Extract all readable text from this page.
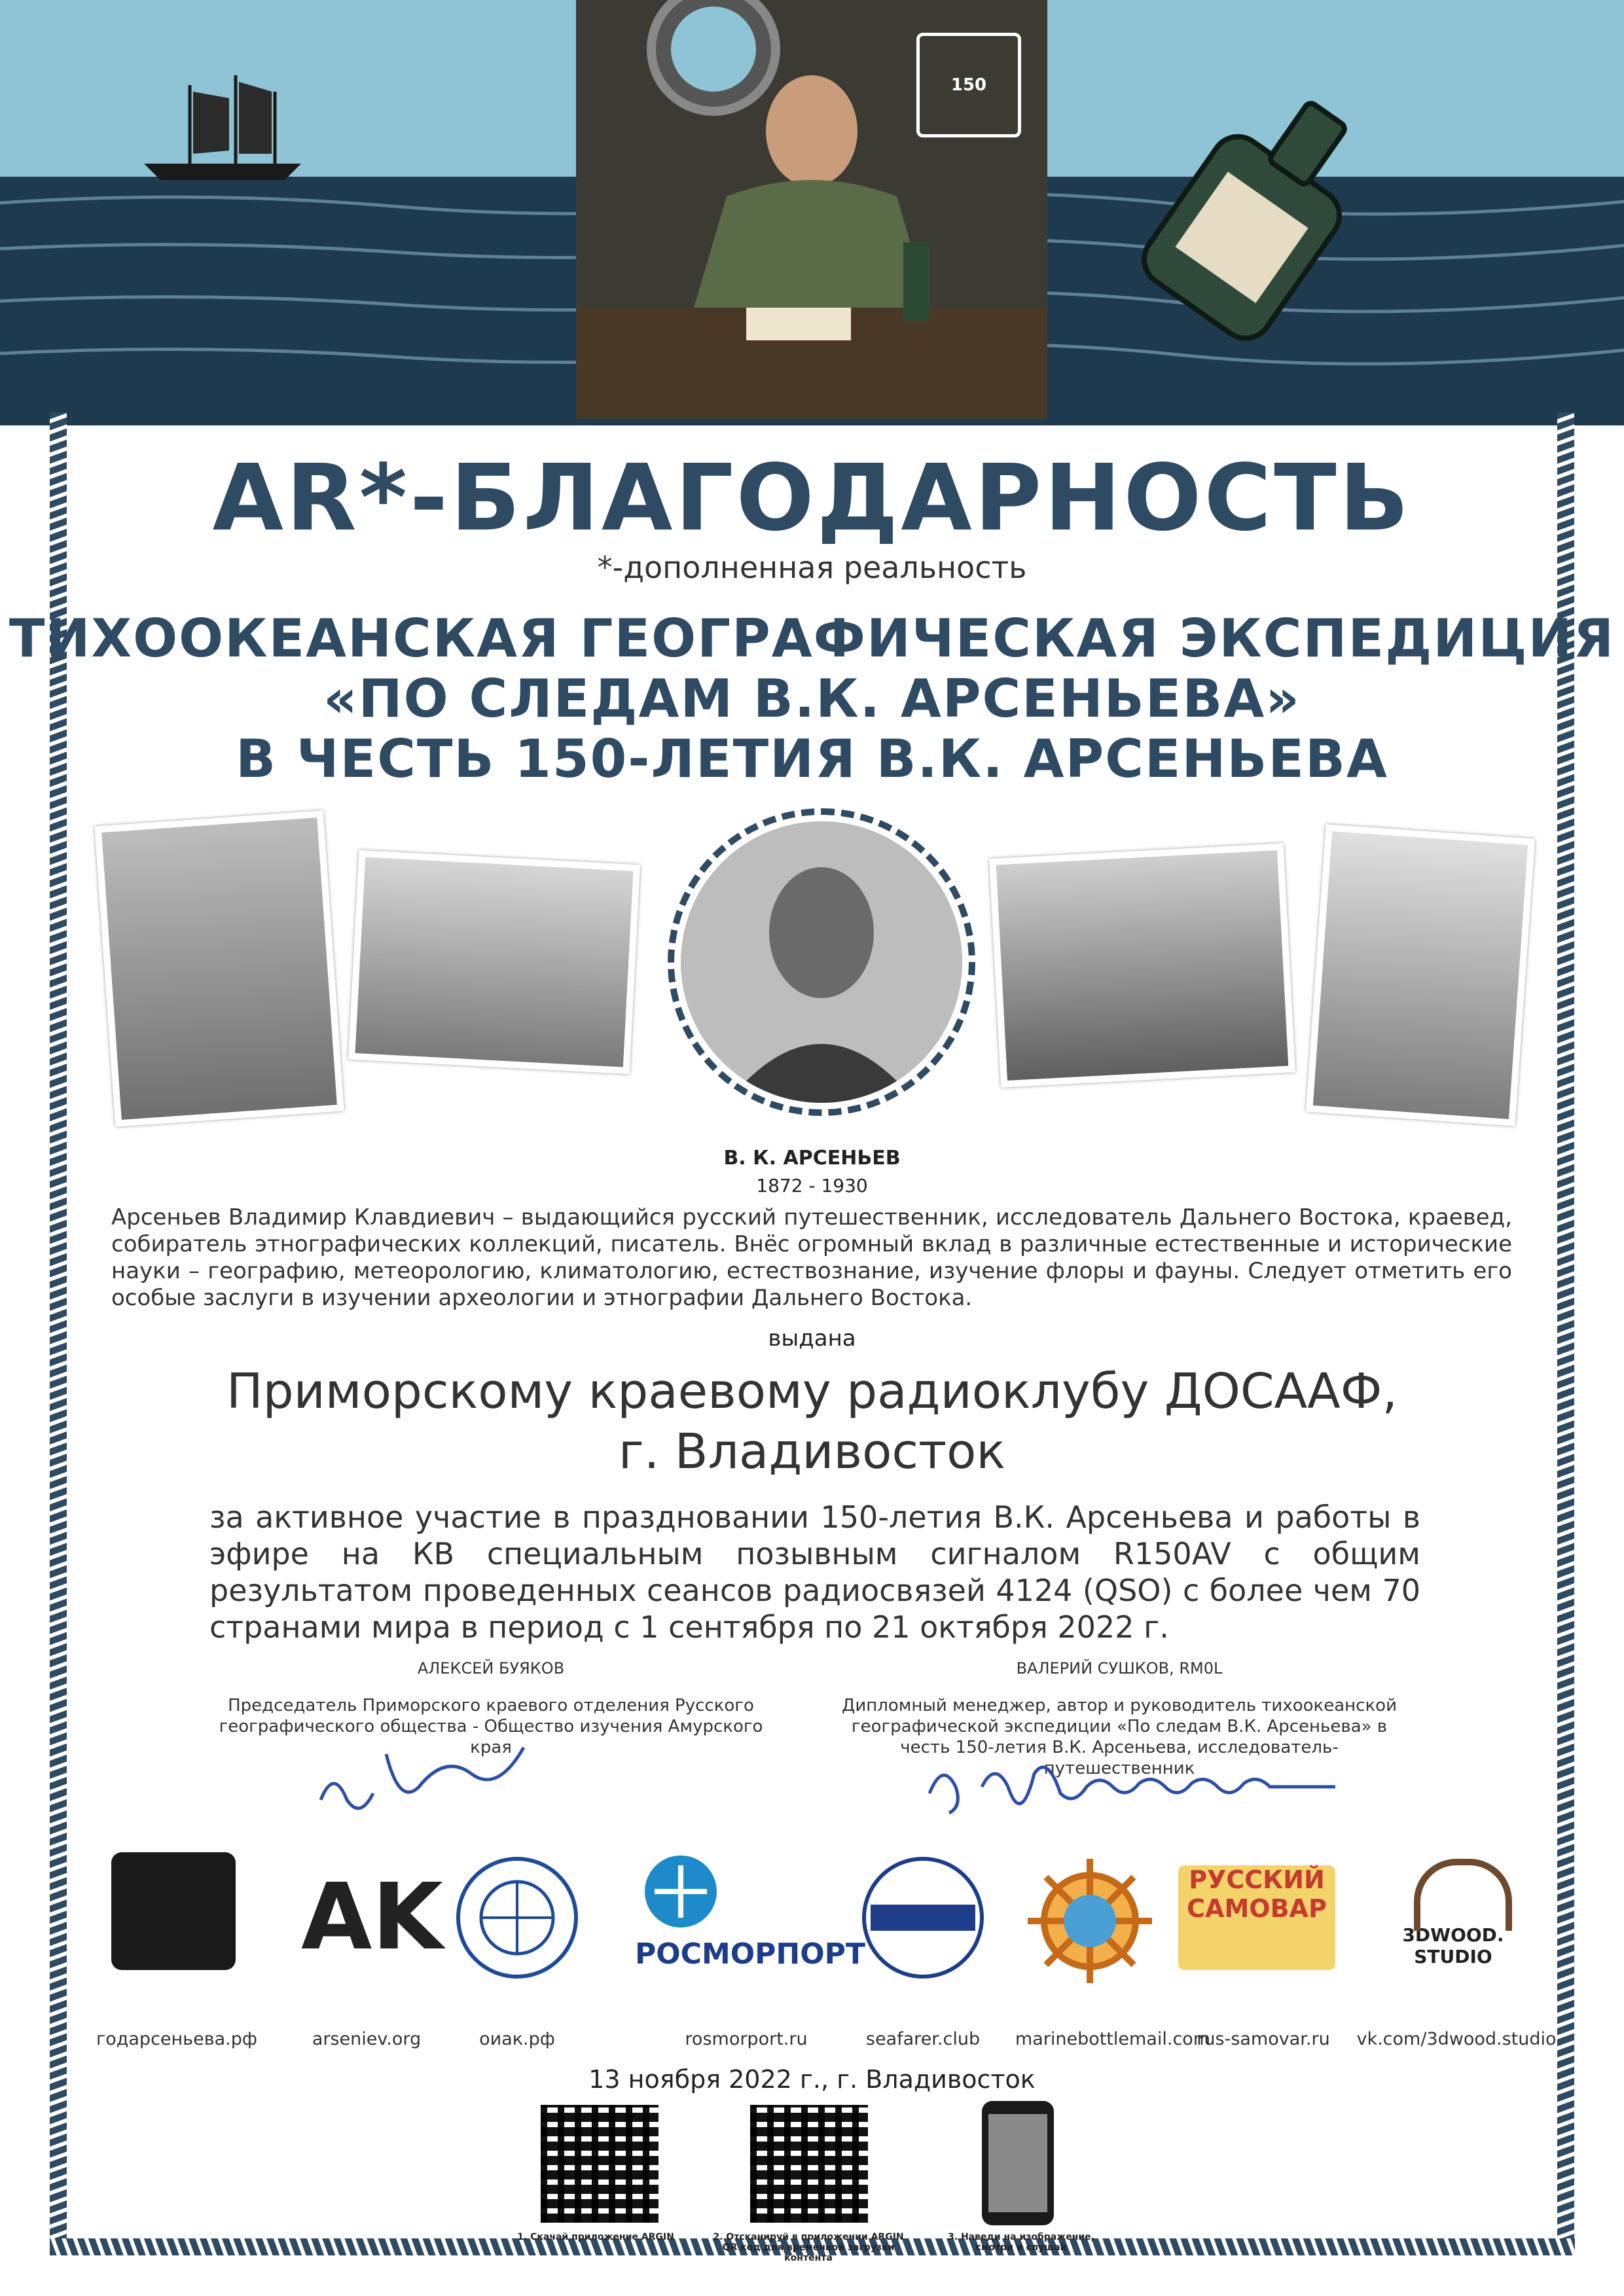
150
AR*-БЛАГОДАРНОСТЬ
*-дополненная реальность
ТИХООКЕАНСКАЯ ГЕОГРАФИЧЕСКАЯ ЭКСПЕДИЦИЯ
«ПО СЛЕДАМ В.К. АРСЕНЬЕВА»
В ЧЕСТЬ 150-ЛЕТИЯ В.К. АРСЕНЬЕВА
В. К. АРСЕНЬЕВ
1872 - 1930
Арсеньев Владимир Клавдиевич – выдающийся русский путешественник, исследователь Дальнего Востока, краевед, собиратель этнографических коллекций, писатель. Внёс огромный вклад в различные естественные и исторические науки – географию, метеорологию, климатологию, естествознание, изучение флоры и фауны. Следует отметить его особые заслуги в изучении археологии и этнографии Дальнего Востока.
выдана
Приморскому краевому радиоклубу ДОСААФ,
г. Владивосток
за активное участие в праздновании 150-летия В.К. Арсеньева и работы в эфире на КВ специальным позывным сигналом R150AV с общим результатом проведенных сеансов радиосвязей 4124 (QSO) с более чем 70 странами мира в период с 1 сентября по 21 октября 2022 г.
АЛЕКСЕЙ БУЯКОВ
Председатель Приморского краевого отделения Русского географического общества - Общество изучения Амурского края
ВАЛЕРИЙ СУШКОВ, RM0L
Дипломный менеджер, автор и руководитель тихоокеанской географической экспедиции «По следам В.К. Арсеньева» в честь 150-летия В.К. Арсеньева, исследователь-путешественник
AK	РОСМОРПОРТ
РУССКИЙ САМОВАР
3DWOOD. STUDIO
годарсеньева.рф	arseniev.org	оиак.рф	rosmorport.ru	seafarer.club	marinebottlemail.com
rus-samovar.ru	vk.com/3dwood.studio
13 ноября 2022 г., г. Владивосток
1. Скачай приложение ARGIN	2. Отсканируй в приложении ARGIN QR код для временной загрузки контента
3. Наведи на изображение, смотри и слушай
